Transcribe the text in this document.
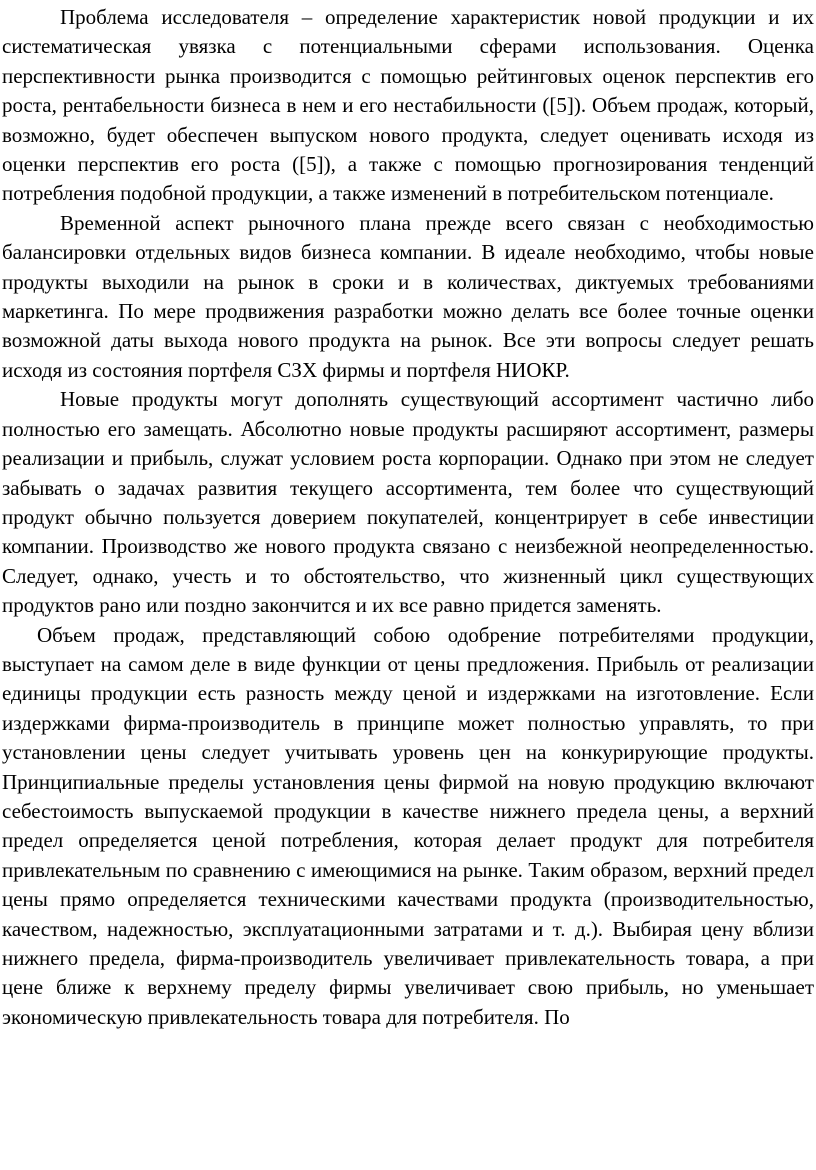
Проблема исследователя – определение характеристик новой продукции и их систематическая увязка с потенциальными сферами использования. Оценка перспективности рынка производится с помощью рейтинговых оценок перспектив его роста, рентабельности бизнеса в нем и его нестабильности ([5]). Объем продаж, который, возможно, будет обеспечен выпуском нового продукта, следует оценивать исходя из оценки перспектив его роста ([5]), а также с помощью прогнозирования тенденций потребления подобной продукции, а также изменений в потребительском потенциале.

Временной аспект рыночного плана прежде всего связан с необходимостью балансировки отдельных видов бизнеса компании. В идеале необходимо, чтобы новые продукты выходили на рынок в сроки и в количествах, диктуемых требованиями маркетинга. По мере продвижения разработки можно делать все более точные оценки возможной даты выхода нового продукта на рынок. Все эти вопросы следует решать исходя из состояния портфеля СЗХ фирмы и портфеля НИОКР.

Новые продукты могут дополнять существующий ассортимент частично либо полностью его замещать. Абсолютно новые продукты расширяют ассортимент, размеры реализации и прибыль, служат условием роста корпорации. Однако при этом не следует забывать о задачах развития текущего ассортимента, тем более что существующий продукт обычно пользуется доверием покупателей, концентрирует в себе инвестиции компании. Производство же нового продукта связано с неизбежной неопределенностью. Следует, однако, учесть и то обстоятельство, что жизненный цикл существующих продуктов рано или поздно закончится и их все равно придется заменять.

Объем продаж, представляющий собою одобрение потребителями продукции, выступает на самом деле в виде функции от цены предложения. Прибыль от реализации единицы продукции есть разность между ценой и издержками на изготовление. Если издержками фирма-производитель в принципе может полностью управлять, то при установлении цены следует учитывать уровень цен на конкурирующие продукты. Принципиальные пределы установления цены фирмой на новую продукцию включают себестоимость выпускаемой продукции в качестве нижнего предела цены, а верхний предел определяется ценой потребления, которая делает продукт для потребителя привлекательным по сравнению с имеющимися на рынке. Таким образом, верхний предел цены прямо определяется техническими качествами продукта (производительностью, качеством, надежностью, эксплуатационными затратами и т. д.). Выбирая цену вблизи нижнего предела, фирма-производитель увеличивает привлекательность товара, а при цене ближе к верхнему пределу фирмы увеличивает свою прибыль, но уменьшает экономическую привлекательность товара для потребителя. По
